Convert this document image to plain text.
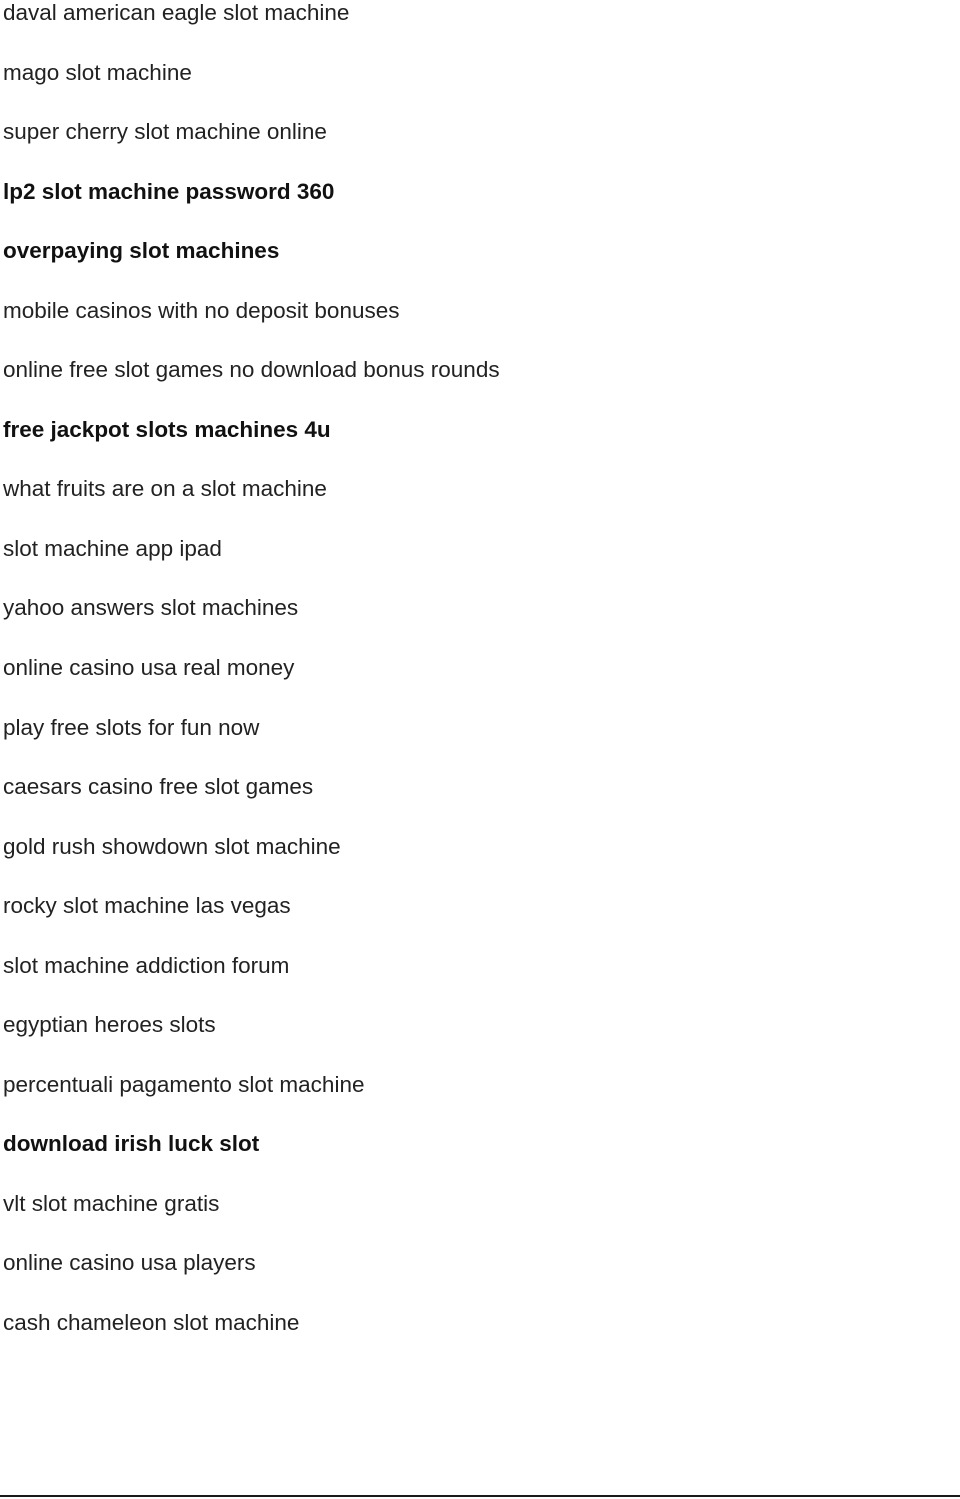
daval american eagle slot machine
mago slot machine
super cherry slot machine online
lp2 slot machine password 360
overpaying slot machines
mobile casinos with no deposit bonuses
online free slot games no download bonus rounds
free jackpot slots machines 4u
what fruits are on a slot machine
slot machine app ipad
yahoo answers slot machines
online casino usa real money
play free slots for fun now
caesars casino free slot games
gold rush showdown slot machine
rocky slot machine las vegas
slot machine addiction forum
egyptian heroes slots
percentuali pagamento slot machine
download irish luck slot
vlt slot machine gratis
online casino usa players
cash chameleon slot machine
